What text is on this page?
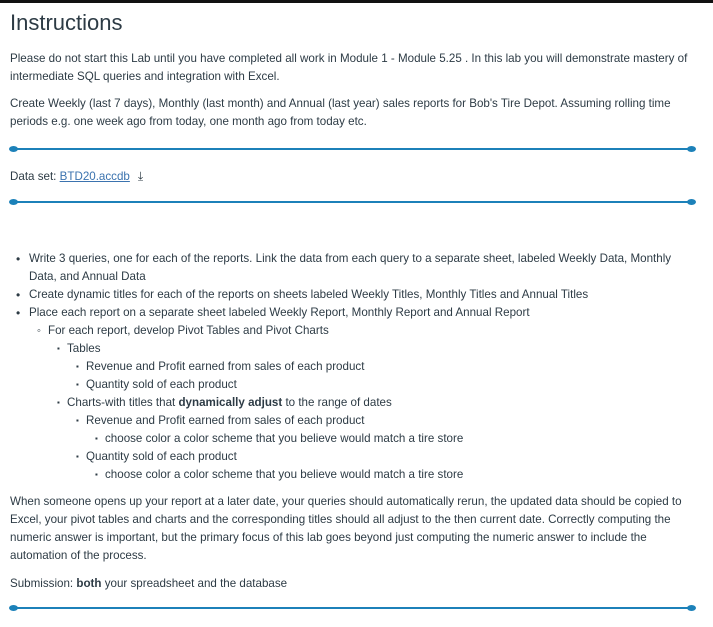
Instructions

Please do not start this Lab until you have completed all work in Module 1 - Module 5.25 . In this lab you will demonstrate mastery of intermediate SQL queries and integration with Excel.

Create Weekly (last 7 days), Monthly (last month) and Annual (last year) sales reports for Bob's Tire Depot. Assuming rolling time periods e.g. one week ago from today, one month ago from today etc.

Data set: BTD20.accdb ⤓
• Write 3 queries, one for each of the reports. Link the data from each query to a separate sheet, labeled Weekly Data, Monthly Data, and Annual Data
• Create dynamic titles for each of the reports on sheets labeled Weekly Titles, Monthly Titles and Annual Titles
• Place each report on a separate sheet labeled Weekly Report, Monthly Report and Annual Report
◦ For each report, develop Pivot Tables and Pivot Charts
▪ Tables
▪ Revenue and Profit earned from sales of each product
▪ Quantity sold of each product
▪ Charts-with titles that dynamically adjust to the range of dates
▪ Revenue and Profit earned from sales of each product
▪ choose color a color scheme that you believe would match a tire store
▪ Quantity sold of each product
▪ choose color a color scheme that you believe would match a tire store

When someone opens up your report at a later date, your queries should automatically rerun, the updated data should be copied to Excel, your pivot tables and charts and the corresponding titles should all adjust to the then current date. Correctly computing the numeric answer is important, but the primary focus of this lab goes beyond just computing the numeric answer to include the automation of the process.

Submission: both your spreadsheet and the database
